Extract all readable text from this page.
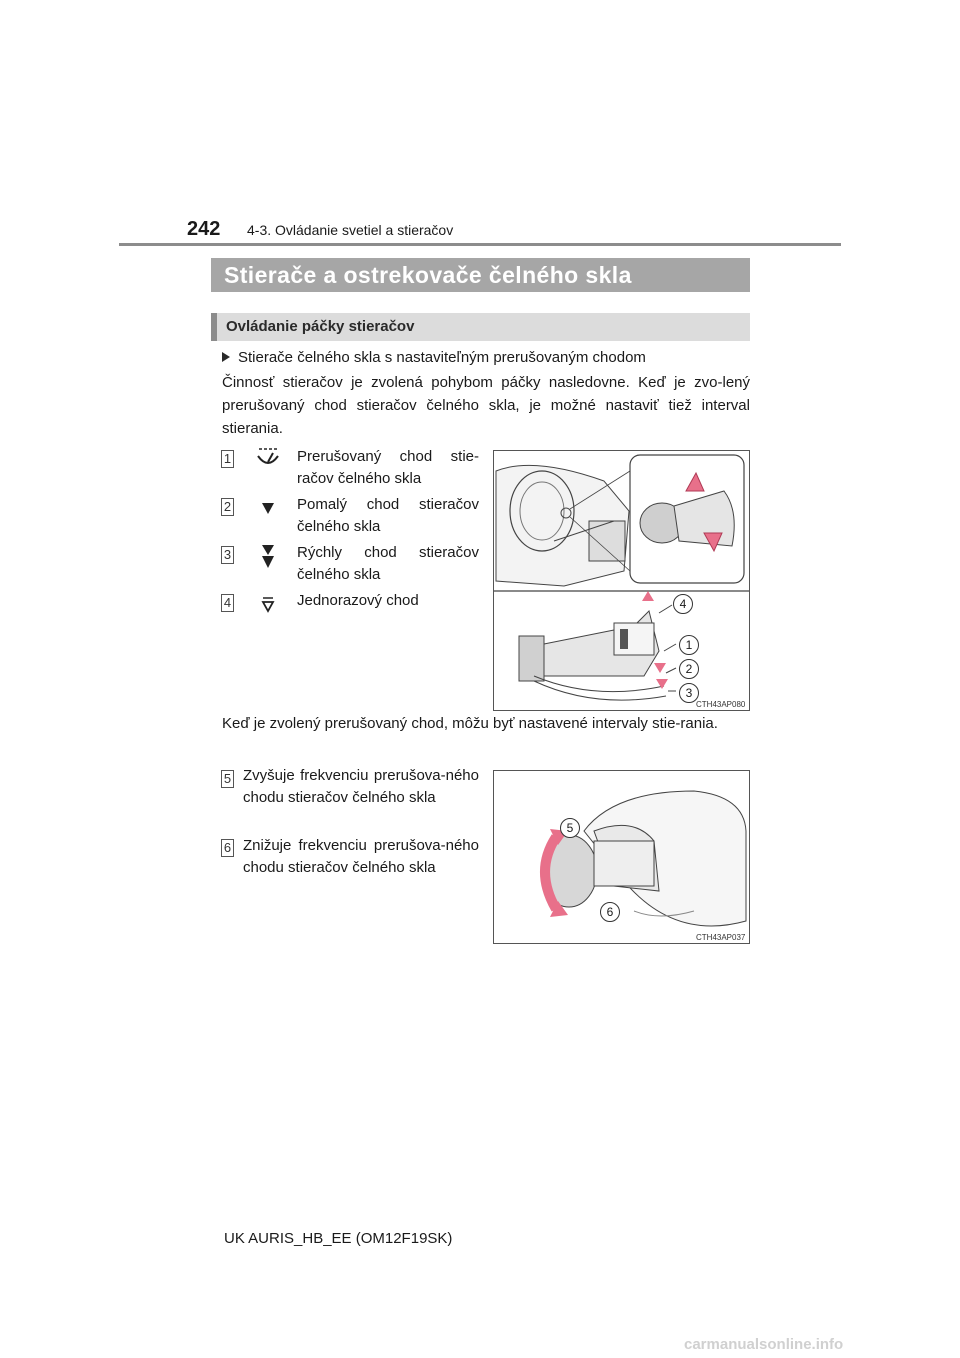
242 4-3. Ovládanie svetiel a stieračov
Stierače a ostrekovače čelného skla
Ovládanie páčky stieračov
Stierače čelného skla s nastaviteľným prerušovaným chodom
Činnosť stieračov je zvolená pohybom páčky nasledovne. Keď je zvo-lený prerušovaný chod stieračov čelného skla, je možné nastaviť tiež interval stierania.
1	Prerušovaný chod stie-račov čelného skla
2	Pomalý chod stieračov čelného skla
3	Rýchly chod stieračov čelného skla
4	Jednorazový chod	4
1
2
3
CTH43AP080
Keď je zvolený prerušovaný chod, môžu byť nastavené intervaly stie-rania.
5 Zvyšuje frekvenciu prerušova-ného chodu stieračov čelného skla
6 Znižuje frekvenciu prerušova-ného chodu stieračov čelného skla
5
6
CTH43AP037
UK AURIS_HB_EE (OM12F19SK)
carmanualsonline.info
